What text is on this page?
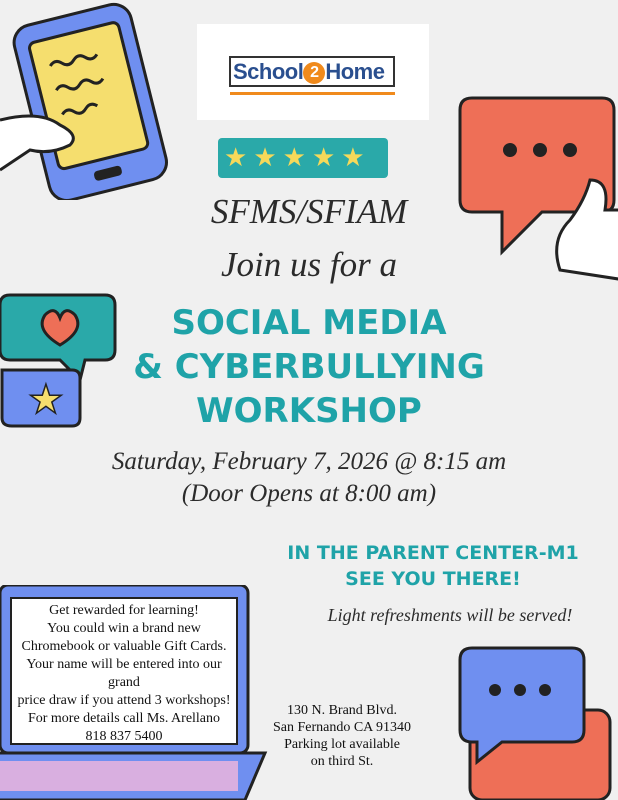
School 2 Home
★ ★ ★ ★ ★
★
SFMS/SFIAM
Join us for a
SOCIAL MEDIA
& CYBERBULLYING
WORKSHOP
Saturday, February 7, 2026 @ 8:15 am
(Door Opens at 8:00 am)
IN THE PARENT CENTER-M1
SEE YOU THERE!
Light refreshments will be served!
Get rewarded for learning!
You could win a brand new
Chromebook or valuable Gift Cards.
Your name will be entered into our grand
price draw if you attend 3 workshops!
For more details call Ms. Arellano
818 837 5400
130 N. Brand Blvd.
San Fernando CA 91340
Parking lot available
on third St.
